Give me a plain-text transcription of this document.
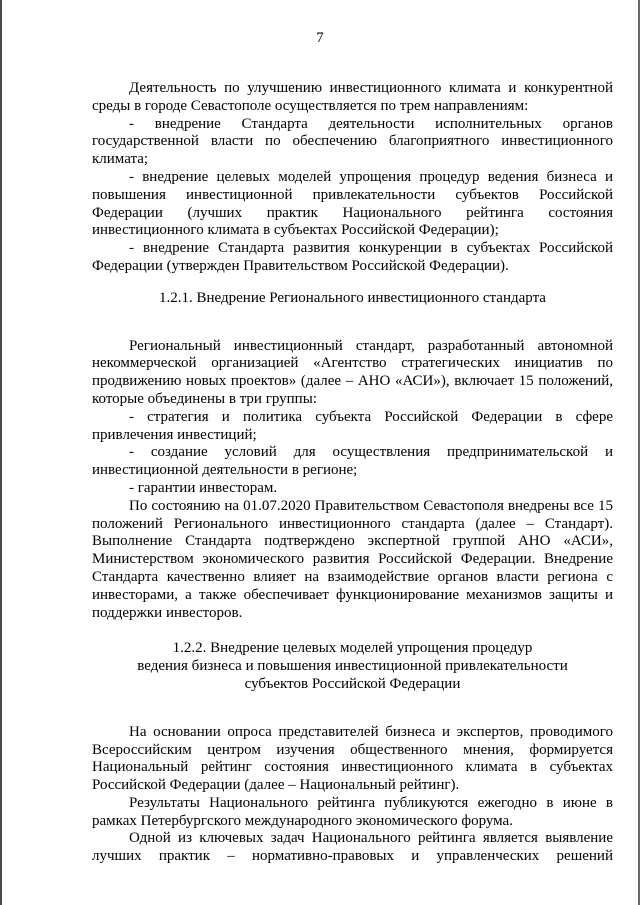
7

Деятельность по улучшению инвестиционного климата и конкурентной среды в городе Севастополе осуществляется по трем направлениям:

- внедрение Стандарта деятельности исполнительных органов государственной власти по обеспечению благоприятного инвестиционного климата;

- внедрение целевых моделей упрощения процедур ведения бизнеса и повышения инвестиционной привлекательности субъектов Российской Федерации (лучших практик Национального рейтинга состояния инвестиционного климата в субъектах Российской Федерации);

- внедрение Стандарта развития конкуренции в субъектах Российской Федерации (утвержден Правительством Российской Федерации).

1.2.1. Внедрение Регионального инвестиционного стандарта

Региональный инвестиционный стандарт, разработанный автономной некоммерческой организацией «Агентство стратегических инициатив по продвижению новых проектов» (далее – АНО «АСИ»), включает 15 положений, которые объединены в три группы:

- стратегия и политика субъекта Российской Федерации в сфере привлечения инвестиций;

- создание условий для осуществления предпринимательской и инвестиционной деятельности в регионе;

- гарантии инвесторам.

По состоянию на 01.07.2020 Правительством Севастополя внедрены все 15 положений Регионального инвестиционного стандарта (далее – Стандарт). Выполнение Стандарта подтверждено экспертной группой АНО «АСИ», Министерством экономического развития Российской Федерации. Внедрение Стандарта качественно влияет на взаимодействие органов власти региона с инвесторами, а также обеспечивает функционирование механизмов защиты и поддержки инвесторов.

1.2.2. Внедрение целевых моделей упрощения процедур

ведения бизнеса и повышения инвестиционной привлекательности

субъектов Российской Федерации

На основании опроса представителей бизнеса и экспертов, проводимого Всероссийским центром изучения общественного мнения, формируется Национальный рейтинг состояния инвестиционного климата в субъектах Российской Федерации (далее – Национальный рейтинг).

Результаты Национального рейтинга публикуются ежегодно в июне в рамках Петербургского международного экономического форума.

Одной из ключевых задач Национального рейтинга является выявление лучших практик – нормативно-правовых и управленческих решений
